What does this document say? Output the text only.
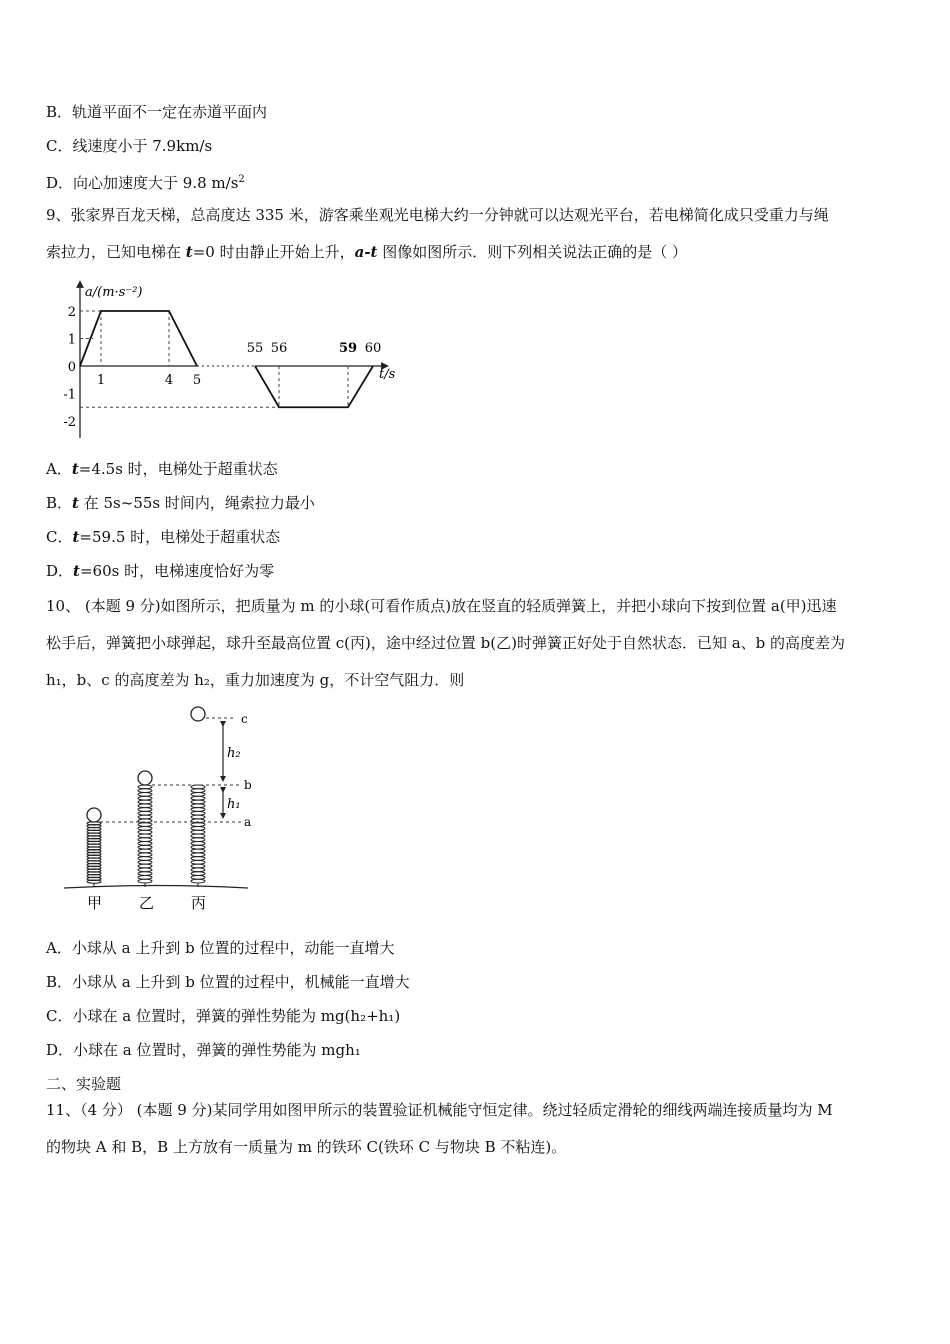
B．轨道平面不一定在赤道平面内
C．线速度小于 7.9km/s
D．向心加速度大于 9.8 $m/s^2$
9、张家界百龙天梯，总高度达 335 米，游客乘坐观光电梯大约一分钟就可以达观光平台，若电梯简化成只受重力与绳
索拉力，已知电梯在 t=0 时由静止开始上升，a-t 图像如图所示．则下列相关说法正确的是（ ）
2
1
0
-1
-2
1	4 5
55 56	59 60
a/(m·s⁻²)
t/s
A．t=4.5s 时，电梯处于超重状态
B．t 在 5s~55s 时间内，绳索拉力最小
C．t=59.5 时，电梯处于超重状态
D．t=60s 时，电梯速度恰好为零
10、 (本题 9 分)如图所示，把质量为 m 的小球(可看作质点)放在竖直的轻质弹簧上，并把小球向下按到位置 a(甲)迅速
松手后，弹簧把小球弹起，球升至最高位置 c(丙)，途中经过位置 b(乙)时弹簧正好处于自然状态．已知 a、b 的高度差为
h₁，b、c 的高度差为 h₂，重力加速度为 g，不计空气阻力．则
c
b
a
h₂
h₁
甲 乙 丙
A．小球从 a 上升到 b 位置的过程中，动能一直增大
B．小球从 a 上升到 b 位置的过程中，机械能一直增大
C．小球在 a 位置时，弹簧的弹性势能为 mg(h₂+h₁)
D．小球在 a 位置时，弹簧的弹性势能为 mgh₁
二、实验题
11、（4 分） (本题 9 分)某同学用如图甲所示的装置验证机械能守恒定律。绕过轻质定滑轮的细线两端连接质量均为 M
的物块 A 和 B，B 上方放有一质量为 m 的铁环 C(铁环 C 与物块 B 不粘连)。
